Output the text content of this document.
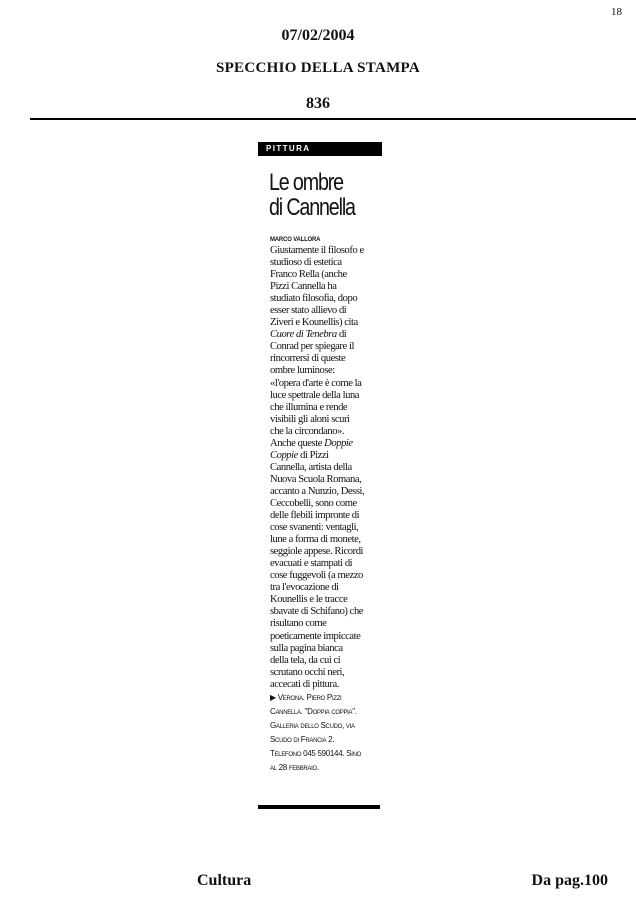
18
07/02/2004
SPECCHIO DELLA STAMPA
836
PITTURA
Le ombre
di Cannella
MARCO VALLORA
Giustamente il filosofo e
studioso di estetica
Franco Rella (anche
Pizzi Cannella ha
studiato filosofia, dopo
esser stato allievo di
Ziveri e Kounellis) cita
Cuore di Tenebra di
Conrad per spiegare il
rincorrersi di queste
ombre luminose:
«l'opera d'arte è come la
luce spettrale della luna
che illumina e rende
visibili gli aloni scuri
che la circondano».
Anche queste Doppie
Coppie di Pizzi
Cannella, artista della
Nuova Scuola Romana,
accanto a Nunzio, Dessi,
Ceccobelli, sono come
delle flebili impronte di
cose svanenti: ventagli,
lune a forma di monete,
seggiole appese. Ricordi
evacuati e stampati di
cose fuggevoli (a mezzo
tra l'evocazione di
Kounellis e le tracce
sbavate di Schifano) che
risultano come
poeticamente impiccate
sulla pagina bianca
della tela, da cui ci
scrutano occhi neri,
accecati di pittura.
▶ Verona. Piero Pizzi
Cannella. "Doppia coppia".
Galleria dello Scudo, via
Scudo di Francia 2.
Telefono 045 590144. Sino
al 28 febbraio.
Cultura	Da pag.100
